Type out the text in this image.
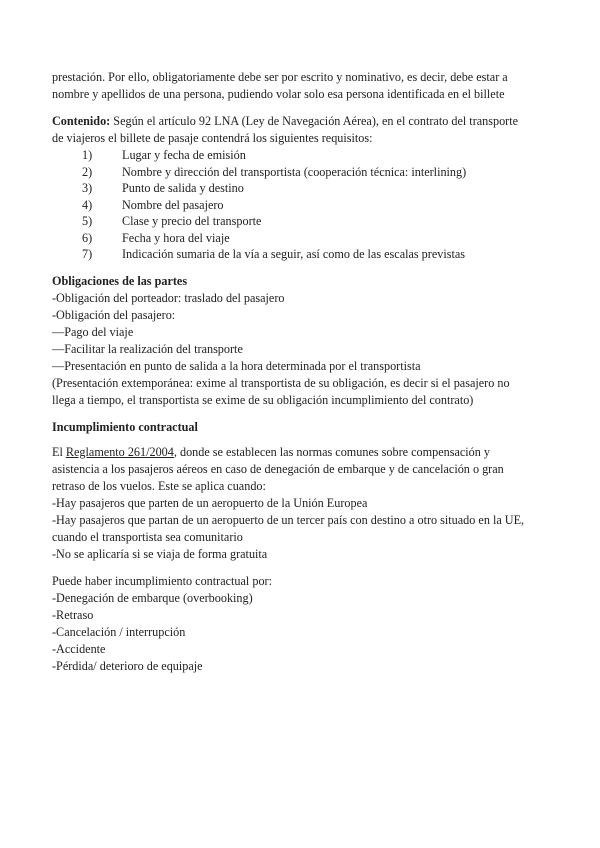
prestación. Por ello, obligatoriamente debe ser por escrito y nominativo, es decir, debe estar a
nombre y apellidos de una persona, pudiendo volar solo esa persona identificada en el billete
Contenido: Según el artículo 92 LNA (Ley de Navegación Aérea), en el contrato del transporte
de viajeros el billete de pasaje contendrá los siguientes requisitos:
1) Lugar y fecha de emisión
2) Nombre y dirección del transportista (cooperación técnica: interlining)
3) Punto de salida y destino
4) Nombre del pasajero
5) Clase y precio del transporte
6) Fecha y hora del viaje
7) Indicación sumaria de la vía a seguir, así como de las escalas previstas
Obligaciones de las partes
-Obligación del porteador: traslado del pasajero
-Obligación del pasajero:
—Pago del viaje
—Facilitar la realización del transporte
—Presentación en punto de salida a la hora determinada por el transportista
(Presentación extemporánea: exime al transportista de su obligación, es decir si el pasajero no
llega a tiempo, el transportista se exime de su obligación incumplimiento del contrato)
Incumplimiento contractual
El Reglamento 261/2004, donde se establecen las normas comunes sobre compensación y
asistencia a los pasajeros aéreos en caso de denegación de embarque y de cancelación o gran
retraso de los vuelos. Este se aplica cuando:
-Hay pasajeros que parten de un aeropuerto de la Unión Europea
-Hay pasajeros que partan de un aeropuerto de un tercer país con destino a otro situado en la UE,
cuando el transportista sea comunitario
-No se aplicaría si se viaja de forma gratuita
Puede haber incumplimiento contractual por:
-Denegación de embarque (overbooking)
-Retraso
-Cancelación / interrupción
-Accidente
-Pérdida/ deterioro de equipaje
